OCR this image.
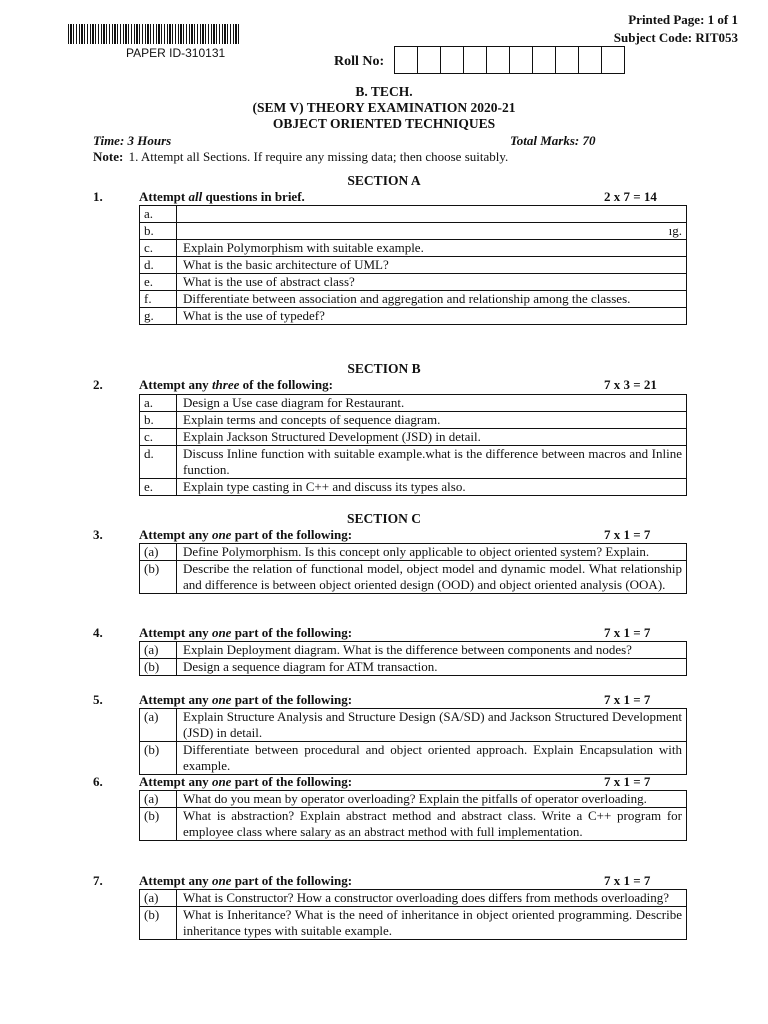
PAPER ID-310131
Printed Page: 1 of 1
Subject Code: RIT053
Roll No:
B. TECH.
(SEM V) THEORY EXAMINATION 2020-21
OBJECT ORIENTED TECHNIQUES
Time: 3 Hours	Total Marks: 70
Note: 1. Attempt all Sections. If require any missing data; then choose suitably.
SECTION A
1.	Attempt all questions in brief.	2 x 7 = 14
a.	
b.	ıg.
c.	Explain Polymorphism with suitable example.
d.	What is the basic architecture of UML?
e.	What is the use of abstract class?
f.	Differentiate between association and aggregation and relationship among the classes.
g.	What is the use of typedef?
SECTION B
2.	Attempt any three of the following:	7 x 3 = 21
a.	Design a Use case diagram for Restaurant.
b.	Explain terms and concepts of sequence diagram.
c.	Explain Jackson Structured Development (JSD) in detail.
d.	Discuss Inline function with suitable example.what is the difference between macros and Inline function.
e.	Explain type casting in C++ and discuss its types also.
SECTION C
3.	Attempt any one part of the following:	7 x 1 = 7
(a)	Define Polymorphism. Is this concept only applicable to object oriented system? Explain.
(b)	Describe the relation of functional model, object model and dynamic model. What relationship and difference is between object oriented design (OOD) and object oriented analysis (OOA).
4.	Attempt any one part of the following:	7 x 1 = 7
(a)	Explain Deployment diagram. What is the difference between components and nodes?
(b)	Design a sequence diagram for ATM transaction.
5.	Attempt any one part of the following:	7 x 1 = 7
(a)	Explain Structure Analysis and Structure Design (SA/SD) and Jackson Structured Development (JSD) in detail.
(b)	Differentiate between procedural and object oriented approach. Explain Encapsulation with example.
6.	Attempt any one part of the following:	7 x 1 = 7
(a)	What do you mean by operator overloading? Explain the pitfalls of operator overloading.
(b)	What is abstraction? Explain abstract method and abstract class. Write a C++ program for employee class where salary as an abstract method with full implementation.
7.	Attempt any one part of the following:	7 x 1 = 7
(a)	What is Constructor? How a constructor overloading does differs from methods overloading?
(b)	What is Inheritance? What is the need of inheritance in object oriented programming. Describe inheritance types with suitable example.
